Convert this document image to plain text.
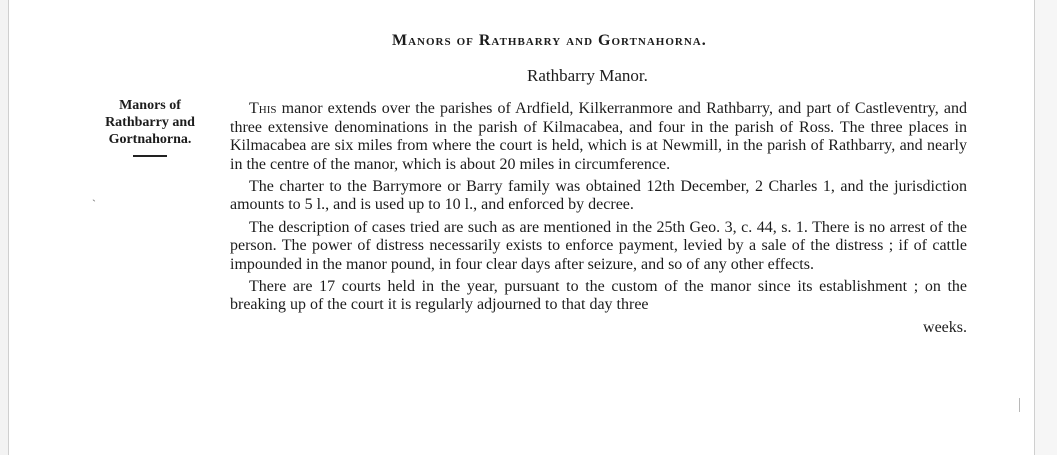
Manors of Rathbarry and Gortnahorna.
Rathbarry Manor.
Manors of
Rathbarry and
Gortnahorna.
ˎ

This manor extends over the parishes of Ardfield, Kilkerranmore and Rathbarry, and part of Castleventry, and three extensive denominations in the parish of Kilmacabea, and four in the parish of Ross. The three places in Kilmacabea are six miles from where the court is held, which is at Newmill, in the parish of Rathbarry, and nearly in the centre of the manor, which is about 20 miles in circumference.

The charter to the Barrymore or Barry family was obtained 12th December, 2 Charles 1, and the jurisdiction amounts to 5 l., and is used up to 10 l., and enforced by decree.

The description of cases tried are such as are mentioned in the 25th Geo. 3, c. 44, s. 1. There is no arrest of the person. The power of distress necessarily exists to enforce payment, levied by a sale of the distress ; if of cattle impounded in the manor pound, in four clear days after seizure, and so of any other effects.

There are 17 courts held in the year, pursuant to the custom of the manor since its establishment ; on the breaking up of the court it is regularly adjourned to that day three

weeks.
